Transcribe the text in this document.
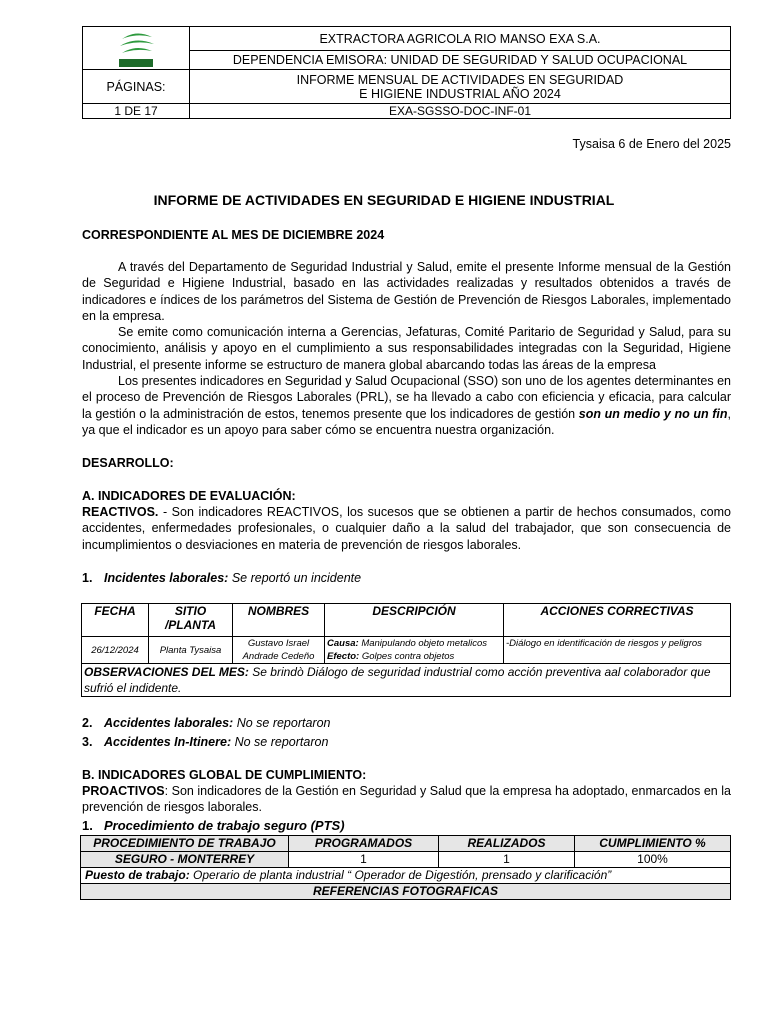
	EXTRACTORA AGRICOLA RIO MANSO EXA S.A.
	DEPENDENCIA EMISORA: UNIDAD DE SEGURIDAD Y SALUD OCUPACIONAL
PÁGINAS:	INFORME MENSUAL DE ACTIVIDADES EN SEGURIDAD
E HIGIENE INDUSTRIAL AÑO 2024

1 DE 17	EXA-SGSSO-DOC-INF-01
Tysaisa 6 de Enero del 2025
INFORME DE ACTIVIDADES EN SEGURIDAD E HIGIENE INDUSTRIAL
CORRESPONDIENTE AL MES DE DICIEMBRE 2024

A través del Departamento de Seguridad Industrial y Salud, emite el presente Informe mensual de la Gestión de Seguridad e Higiene Industrial, basado en las actividades realizadas y resultados obtenidos a través de indicadores e índices de los parámetros del Sistema de Gestión de Prevención de Riesgos Laborales, implementado en la empresa.

Se emite como comunicación interna a Gerencias, Jefaturas, Comité Paritario de Seguridad y Salud, para su conocimiento, análisis y apoyo en el cumplimiento a sus responsabilidades integradas con la Seguridad, Higiene Industrial, el presente informe se estructuro de manera global abarcando todas las áreas de la empresa

Los presentes indicadores en Seguridad y Salud Ocupacional (SSO) son uno de los agentes determinantes en el proceso de Prevención de Riesgos Laborales (PRL), se ha llevado a cabo con eficiencia y eficacia, para calcular la gestión o la administración de estos, tenemos presente que los indicadores de gestión son un medio y no un fin, ya que el indicador es un apoyo para saber cómo se encuentra nuestra organización.

DESARROLLO:
A. INDICADORES DE EVALUACIÓN:
REACTIVOS. - Son indicadores REACTIVOS, los sucesos que se obtienen a partir de hechos consumados, como accidentes, enfermedades profesionales, o cualquier daño a la salud del trabajador, que son consecuencia de incumplimientos o desviaciones en materia de prevención de riesgos laborales.
1. Incidentes laborales: Se reportó un incidente
FECHA	SITIO /PLANTA	NOMBRES	DESCRIPCIÓN	ACCIONES CORRECTIVAS
26/12/2024	Planta Tysaisa	Gustavo Israel Andrade Cedeño	Causa: Manipulando objeto metalicos
Efecto: Golpes contra objetos	-Diálogo en identificación de riesgos y peligros
OBSERVACIONES DEL MES: Se brindò Diálogo de seguridad industrial como acción preventiva aal colaborador que sufrió el indidente.				
2. Accidentes laborales: No se reportaron
3. Accidentes In-Itinere: No se reportaron
B. INDICADORES GLOBAL DE CUMPLIMIENTO:
PROACTIVOS: Son indicadores de la Gestión en Seguridad y Salud que la empresa ha adoptado, enmarcados en la prevención de riesgos laborales.
1. Procedimiento de trabajo seguro (PTS)
PROCEDIMIENTO DE TRABAJO	PROGRAMADOS	REALIZADOS	CUMPLIMIENTO %
SEGURO - MONTERREY	1	1	100%
Puesto de trabajo: Operario de planta industrial “ Operador de Digestión, prensado y clarificación”			
REFERENCIAS FOTOGRAFICAS			
